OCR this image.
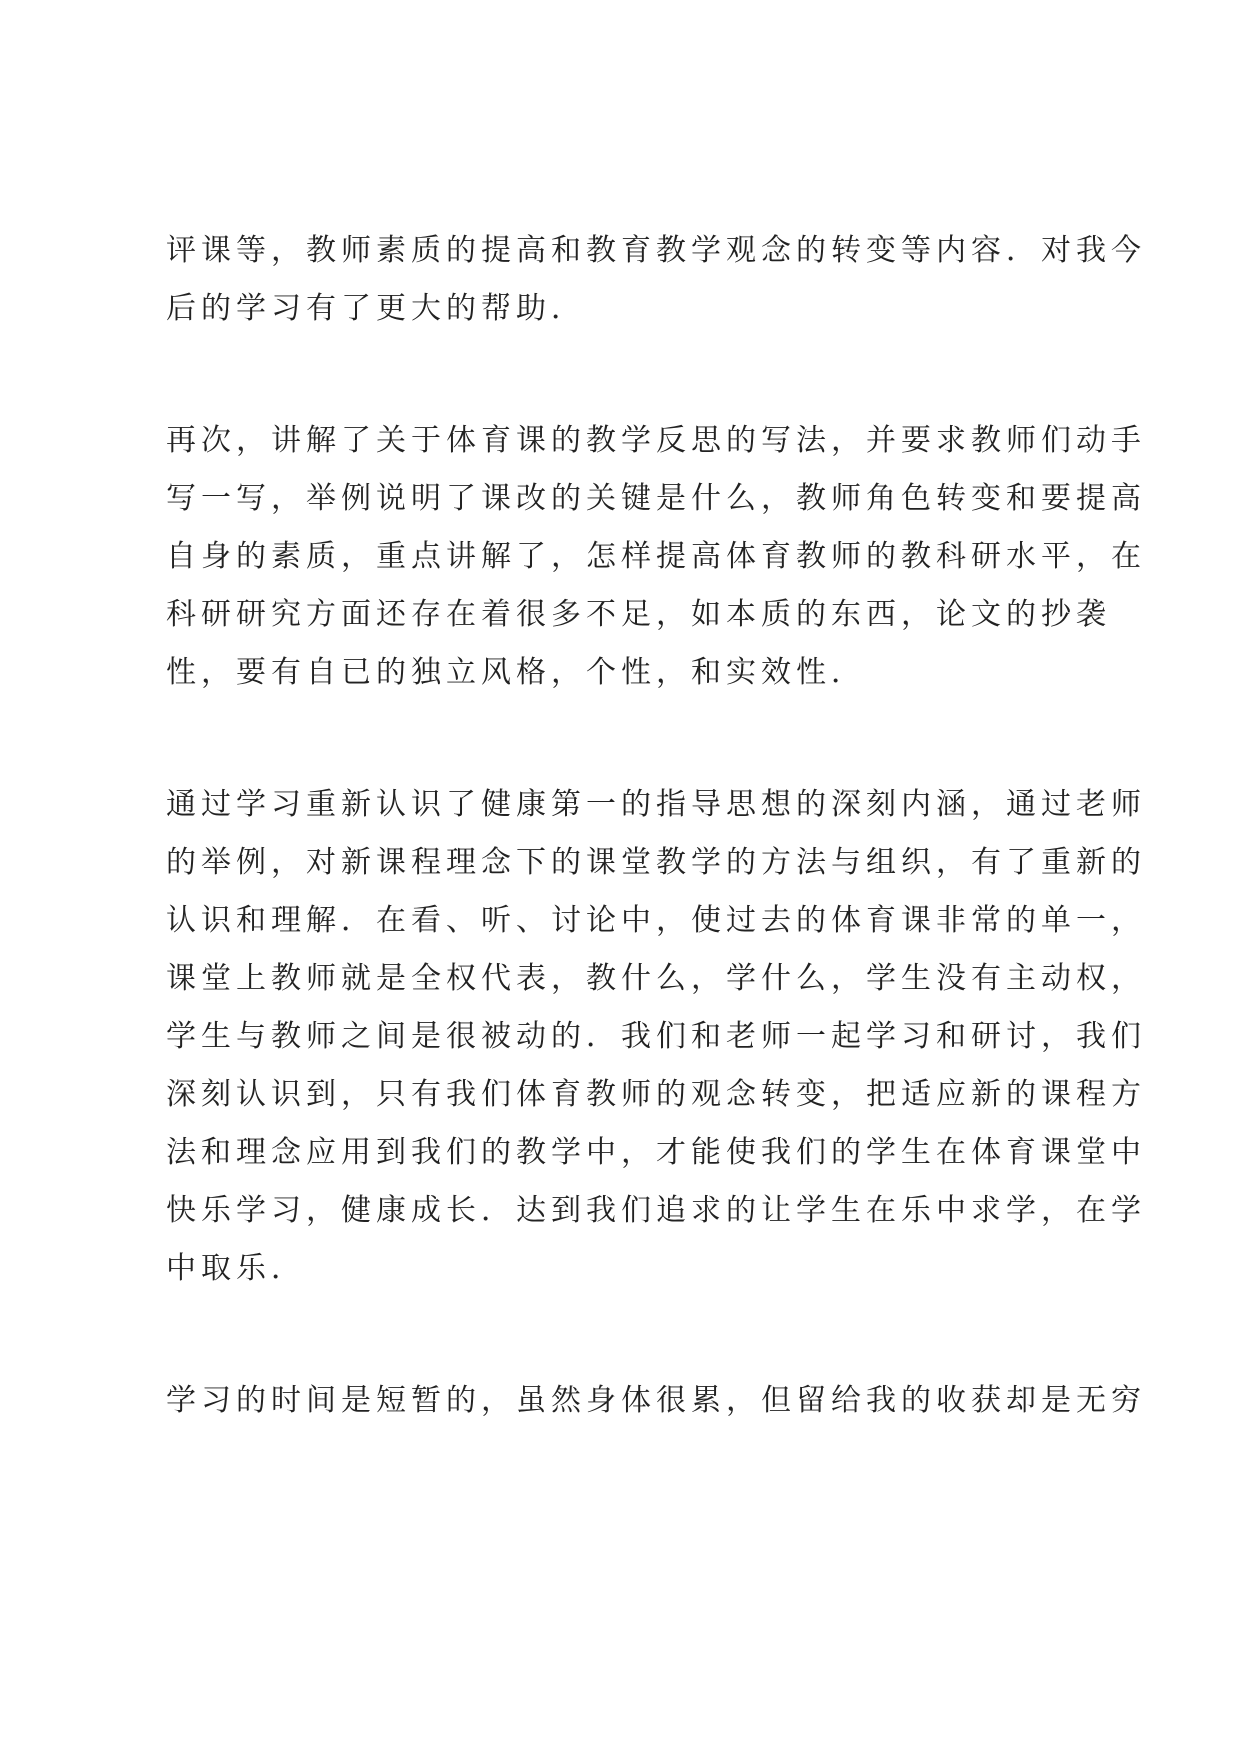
评课等，教师素质的提高和教育教学观念的转变等内容．对我今
后的学习有了更大的帮助．

再次，讲解了关于体育课的教学反思的写法，并要求教师们动手
写一写，举例说明了课改的关键是什么，教师角色转变和要提高
自身的素质，重点讲解了，怎样提高体育教师的教科研水平，在
科研研究方面还存在着很多不足，如本质的东西，论文的抄袭
性，要有自已的独立风格，个性，和实效性．

通过学习重新认识了健康第一的指导思想的深刻内涵，通过老师
的举例，对新课程理念下的课堂教学的方法与组织，有了重新的
认识和理解．在看、听、讨论中，使过去的体育课非常的单一，
课堂上教师就是全权代表，教什么，学什么，学生没有主动权，
学生与教师之间是很被动的．我们和老师一起学习和研讨，我们
深刻认识到，只有我们体育教师的观念转变，把适应新的课程方
法和理念应用到我们的教学中，才能使我们的学生在体育课堂中
快乐学习，健康成长．达到我们追求的让学生在乐中求学，在学
中取乐．

学习的时间是短暂的，虽然身体很累，但留给我的收获却是无穷
